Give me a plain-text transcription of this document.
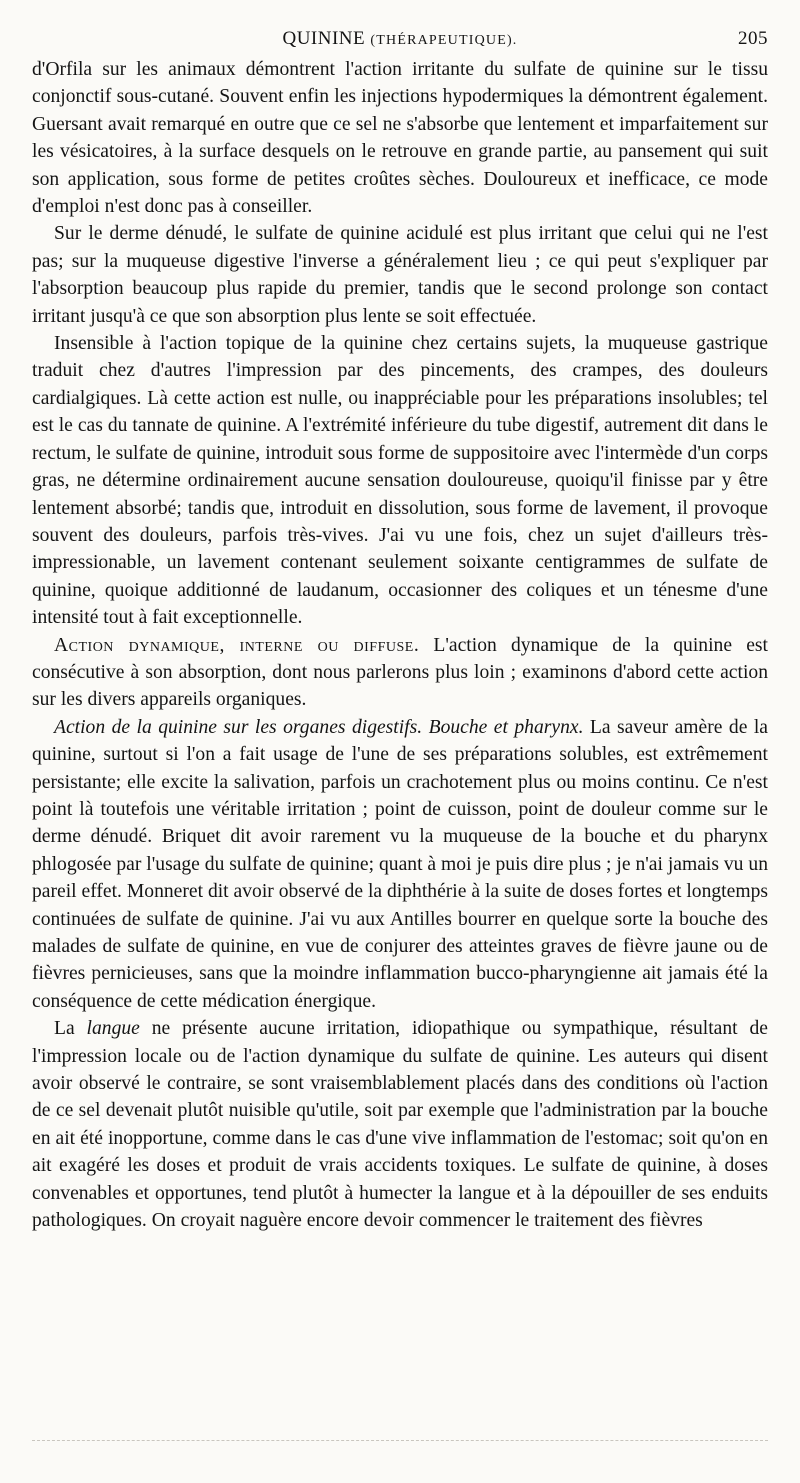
QUININE (THÉRAPEUTIQUE).	205

d'Orfila sur les animaux démontrent l'action irritante du sulfate de quinine sur le tissu conjonctif sous-cutané. Souvent enfin les injections hypodermiques la démontrent également. Guersant avait remarqué en outre que ce sel ne s'absorbe que lentement et imparfaitement sur les vésicatoires, à la surface desquels on le retrouve en grande partie, au pansement qui suit son application, sous forme de petites croûtes sèches. Douloureux et inefficace, ce mode d'emploi n'est donc pas à conseiller.

Sur le derme dénudé, le sulfate de quinine acidulé est plus irritant que celui qui ne l'est pas; sur la muqueuse digestive l'inverse a généralement lieu ; ce qui peut s'expliquer par l'absorption beaucoup plus rapide du premier, tandis que le second prolonge son contact irritant jusqu'à ce que son absorption plus lente se soit effectuée.

Insensible à l'action topique de la quinine chez certains sujets, la muqueuse gastrique traduit chez d'autres l'impression par des pincements, des crampes, des douleurs cardialgiques. Là cette action est nulle, ou inappréciable pour les préparations insolubles; tel est le cas du tannate de quinine. A l'extrémité inférieure du tube digestif, autrement dit dans le rectum, le sulfate de quinine, introduit sous forme de suppositoire avec l'intermède d'un corps gras, ne détermine ordinairement aucune sensation douloureuse, quoiqu'il finisse par y être lentement absorbé; tandis que, introduit en dissolution, sous forme de lavement, il provoque souvent des douleurs, parfois très-vives. J'ai vu une fois, chez un sujet d'ailleurs très-impressionable, un lavement contenant seulement soixante centigrammes de sulfate de quinine, quoique additionné de laudanum, occasionner des coliques et un ténesme d'une intensité tout à fait exceptionnelle.

Action dynamique, interne ou diffuse. L'action dynamique de la quinine est consécutive à son absorption, dont nous parlerons plus loin ; examinons d'abord cette action sur les divers appareils organiques.

Action de la quinine sur les organes digestifs. Bouche et pharynx. La saveur amère de la quinine, surtout si l'on a fait usage de l'une de ses préparations solubles, est extrêmement persistante; elle excite la salivation, parfois un crachotement plus ou moins continu. Ce n'est point là toutefois une véritable irritation ; point de cuisson, point de douleur comme sur le derme dénudé. Briquet dit avoir rarement vu la muqueuse de la bouche et du pharynx phlogosée par l'usage du sulfate de quinine; quant à moi je puis dire plus ; je n'ai jamais vu un pareil effet. Monneret dit avoir observé de la diphthérie à la suite de doses fortes et longtemps continuées de sulfate de quinine. J'ai vu aux Antilles bourrer en quelque sorte la bouche des malades de sulfate de quinine, en vue de conjurer des atteintes graves de fièvre jaune ou de fièvres pernicieuses, sans que la moindre inflammation bucco-pharyngienne ait jamais été la conséquence de cette médication énergique.

La langue ne présente aucune irritation, idiopathique ou sympathique, résultant de l'impression locale ou de l'action dynamique du sulfate de quinine. Les auteurs qui disent avoir observé le contraire, se sont vraisemblablement placés dans des conditions où l'action de ce sel devenait plutôt nuisible qu'utile, soit par exemple que l'administration par la bouche en ait été inopportune, comme dans le cas d'une vive inflammation de l'estomac; soit qu'on en ait exagéré les doses et produit de vrais accidents toxiques. Le sulfate de quinine, à doses convenables et opportunes, tend plutôt à humecter la langue et à la dépouiller de ses enduits pathologiques. On croyait naguère encore devoir commencer le traitement des fièvres
